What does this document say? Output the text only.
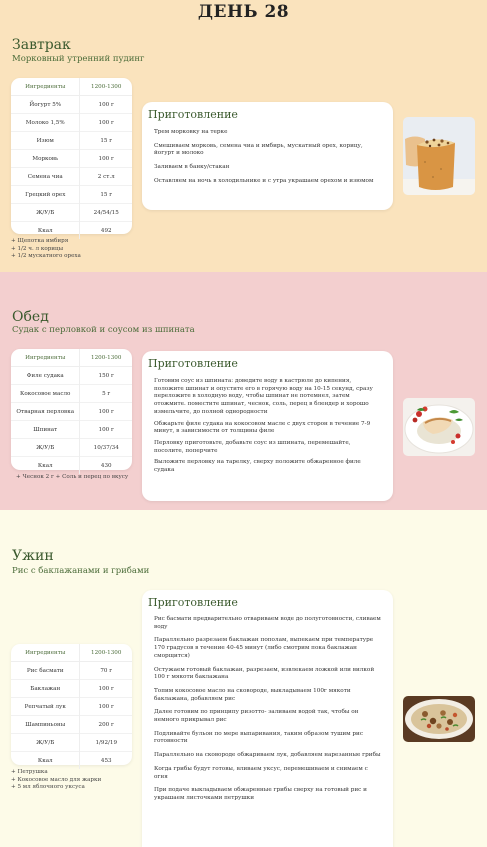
ДЕНЬ 28
Завтрак
Морковный утренний пудинг
Ингредиенты	1200-1300
Йогурт 5%	100 г
Молоко 1,5%	100 г
Изюм	15 г
Морковь	100 г
Семена чиа	2 ст.л
Грецкий орех	15 г
Ж/У/Б	24/54/15
Ккал	492
+ Щепотка имбиря
+ 1/2 ч. л корицы
+ 1/2 мускатного ореха
Приготовление
Трем морковку на терке
Смешиваем морковь, семена чиа и имбирь, мускатный орех, корицу, йогурт и молоко
Заливаем в банку/стакан
Оставляем на ночь в холодильнике и с утра украшаем орехом и изюмом
Обед
Судак с перловкой и соусом из шпината
Ингредиенты	1200-1300
Филе судака	150 г
Кокосовое масло	5 г
Отварная перловка	100 г
Шпинат	100 г
Ж/У/Б	10/37/34
Ккал	430
+ Чеснок 2 г + Соль и перец по вкусу
Приготовление
Готовим соус из шпината: доведите воду в кастрюле до кипения, положите шпинат и опустите его в горячую воду на 10-15 секунд, сразу переложите в холодную воду, чтобы шпинат не потемнел, затем отожмите. поместите шпинат, чеснок, соль, перец в блендер и хорошо измельчите, до полной однородности
Обжарьте филе судака на кокосовом масле с двух сторон в течение 7-9 минут, в зависимости от толщины филе
Перловку приготовьте, добавьте соус из шпината, перемешайте, посолите, поперчите
Выложите перловку на тарелку, сверху положите обжаренное филе судака
Ужин
Рис с баклажанами и грибами
Ингредиенты	1200-1300
Рис басмати	70 г
Баклажан	100 г
Репчатый лук	100 г
Шампиньоны	200 г
Ж/У/Б	1/92/19
Ккал	453
+ Петрушка
+ Кокосовое масло для жарки
+ 5 мл яблочного уксуса
Приготовление
Рис басмати предварительно отвариваем воде до полуготовности, сливаем воду
Параллельно разрезаем баклажан пополам, выпекаем при температуре 170 градусов в течение 40-45 минут (либо смотрим пока баклажан сморщится)
Остужаем готовый баклажан, разрезаем, извлекаем ложкой или вилкой 100 г мякоти баклажана
Топим кокосовое масло на сковороде, выкладываем 100г мякоти баклажана, добавляем рис
Далее готовим по принципу ризотто- заливаем водой так, чтобы он немного прикрывал рис
Подливайте бульон по мере выпаривания, таким образом тушим рис готовности
Параллельно на сковороде обжариваем лук, добавляем нарезанные грибы
Когда грибы будут готовы, вливаем уксус, перемешиваем и снимаем с огня
При подаче выкладываем обжаренные грибы сверху на готовый рис и украшаем листочками петрушки
